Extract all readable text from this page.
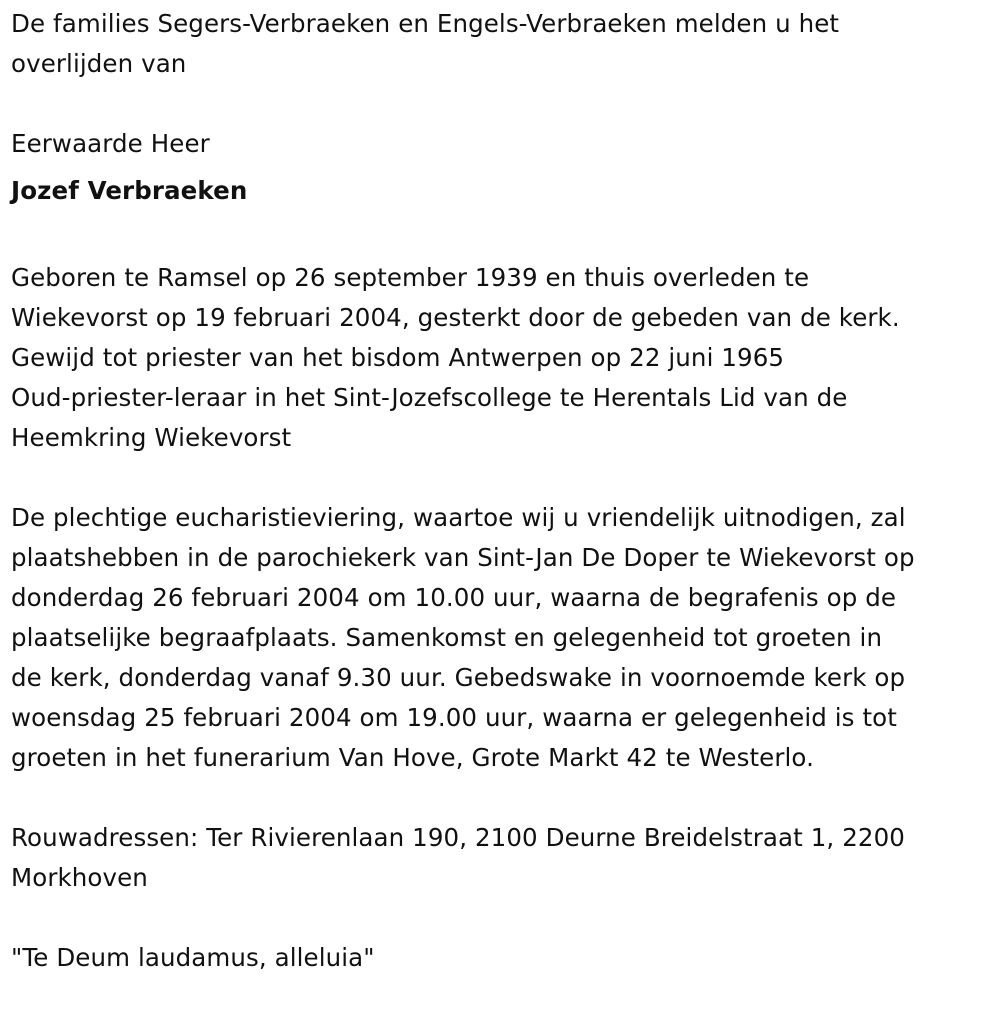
De families Segers-Verbraeken en Engels-Verbraeken melden u het
overlijden van
Eerwaarde Heer
Jozef Verbraeken
Geboren te Ramsel op 26 september 1939 en thuis overleden te
Wiekevorst op 19 februari 2004, gesterkt door de gebeden van de kerk.
Gewijd tot priester van het bisdom Antwerpen op 22 juni 1965
Oud-priester-leraar in het Sint-Jozefscollege te Herentals Lid van de
Heemkring Wiekevorst
De plechtige eucharistieviering, waartoe wij u vriendelijk uitnodigen, zal
plaatshebben in de parochiekerk van Sint-Jan De Doper te Wiekevorst op
donderdag 26 februari 2004 om 10.00 uur, waarna de begrafenis op de
plaatselijke begraafplaats. Samenkomst en gelegenheid tot groeten in
de kerk, donderdag vanaf 9.30 uur. Gebedswake in voornoemde kerk op
woensdag 25 februari 2004 om 19.00 uur, waarna er gelegenheid is tot
groeten in het funerarium Van Hove, Grote Markt 42 te Westerlo.
Rouwadressen: Ter Rivierenlaan 190, 2100 Deurne Breidelstraat 1, 2200
Morkhoven
"Te Deum laudamus, alleluia"
